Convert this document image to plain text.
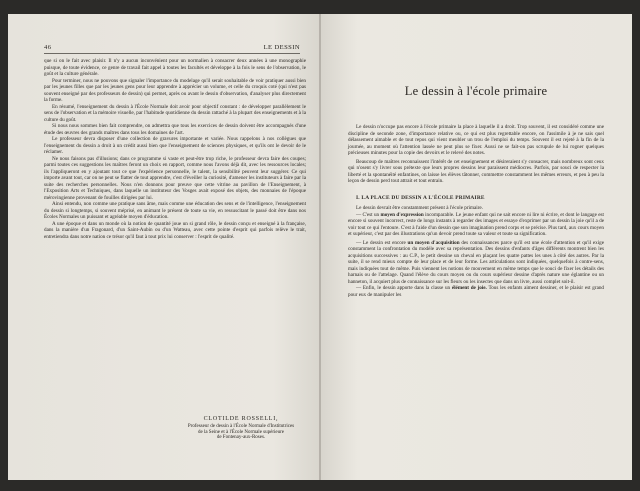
46	LE DESSIN

que si on le fait avec plaisir. Il n'y a aucun inconvénient pour un normalien à consacrer deux années à une monographie puisque, de toute évidence, ce genre de travail fait appel à toutes les facultés et développe à la fois le sens de l'observation, le goût et la culture générale.

Pour terminer, nous ne pouvons que signaler l'importance du modelage qu'il serait souhaitable de voir pratiquer aussi bien par les jeunes filles que par les jeunes gens pour leur apprendre à apprécier un volume, et celle du croquis coté (qui n'est pas souvent enseigné par des professeurs de dessin) qui permet, après ou avant le dessin d'observation, d'analyser plus directement la forme.

En résumé, l'enseignement du dessin à l'École Normale doit avoir pour objectif constant : de développer parallèlement le sens de l'observation et la mémoire visuelle, par l'habitude quotidienne du dessin rattaché à la plupart des enseignements et à la culture du goût.

Si nous nous sommes bien fait comprendre, on admettra que tous les exercices de dessin doivent être accompagnés d'une étude des œuvres des grands maîtres dans tous les domaines de l'art.

Le professeur devra disposer d'une collection de gravures importante et variée. Nous rappelons à nos collègues que l'enseignement du dessin a droit à un crédit aussi bien que l'enseignement de sciences physiques, et qu'ils ont le devoir de le réclamer.

Ne nous faisons pas d'illusions; dans ce programme si vaste et peut-être trop riche, le professeur devra faire des coupes; parmi toutes ces suggestions les maîtres feront un choix en rapport, comme nous l'avons déjà dit, avec les ressources locales; ils l'appliqueront en y ajoutant tout ce que l'expérience personnelle, le talent, la sensibilité peuvent leur suggérer. Ce qui importe avant tout, car on ne peut se flatter de tout apprendre, c'est d'éveiller la curiosité, d'amener les instituteurs à faire par la suite des recherches personnelles. Nous n'en donnons pour preuve que cette vitrine au pavillon de l'Enseignement, à l'Exposition Arts et Techniques, dans laquelle un instituteur des Vosges avait exposé des objets, des monnaies de l'époque mérovingienne provenant de fouilles dirigées par lui.

Ainsi entendu, non comme une pratique sans âme, mais comme une éducation des sens et de l'intelligence, l'enseignement du dessin si longtemps, si souvent méprisé, en animant le présent de toute sa vie, en ressuscitant le passé doit être dans nos Écoles Normales un puissant et agréable moyen d'éducation.

A une époque et dans un monde où la notion de quantité joue un si grand rôle, le dessin conçu et enseigné à la française, dans la manière d'un Fragonard, d'un Saint-Aubin ou d'un Watteau, avec cette pointe d'esprit qui parfois relève le trait, entretiendra dans notre nation ce trésor qu'il faut à tout prix lui conserver : l'esprit de qualité.

CLOTILDE ROSSELLI,
Professeur de dessin à l'École Normale d'Institutrices
de la Seine et à l'École Normale supérieure
de Fontenay-aux-Roses.
Le dessin à l'école primaire

Le dessin n'occupe pas encore à l'école primaire la place à laquelle il a droit. Trop souvent, il est considéré comme une discipline de seconde zone, d'importance relative ou, ce qui est plus regrettable encore, on l'assimile à je ne sais quel délassement aimable et de tout repos qui vient meubler un trou de l'emploi du temps. Souvent il est rejeté à la fin de la journée, au moment où l'attention lassée ne peut plus se fixer. Aussi ne se fait-on pas scrupule de lui rogner quelques précieuses minutes pour la copie des devoirs et le relevé des notes.

Beaucoup de maîtres reconnaissent l'intérêt de cet enseignement et désireraient s'y consacrer, mais nombreux sont ceux qui n'osent s'y livrer sous prétexte que leurs propres dessins leur paraissent médiocres. Parfois, par souci de respecter la liberté et la spontanéité enfantines, on laisse les élèves tâtonner, commettre constamment les mêmes erreurs, et peu à peu la leçon de dessin perd tout attrait et tout entrain.

I. LA PLACE DU DESSIN A L'ÉCOLE PRIMAIRE

Le dessin devrait être constamment présent à l'école primaire.

— C'est un moyen d'expression incomparable. Le jeune enfant qui ne sait encore ni lire ni écrire, et dont le langage est encore si souvent incorrect, reste de longs instants à regarder des images et essaye d'exprimer par un dessin la joie qu'il a de voir tout ce qui l'entoure. C'est à l'aide d'un dessin que son imagination prend corps et se précise. Plus tard, aux cours moyen et supérieur, c'est par des illustrations qu'un devoir prend toute sa valeur et toute sa signification.

— Le dessin est encore un moyen d'acquisition des connaissances parce qu'il est une école d'attention et qu'il exige constamment la confrontation du modèle avec sa représentation. Des dessins d'enfants d'âges différents montrent bien les acquisitions successives : au C.P., le petit dessine un cheval en plaçant les quatre pattes les unes à côté des autres. Par la suite, il se rend mieux compte de leur place et de leur forme. Les articulations sont indiquées, quelquefois à contre-sens, mais indiquées tout de même. Puis viennent les notions de mouvement en même temps que le souci de fixer les détails des harnais ou de l'attelage. Quand l'élève du cours moyen ou du cours supérieur dessine d'après nature une églantine ou un hanneton, il acquiert plus de connaissance sur les fleurs ou les insectes que dans un livre, aussi complet soit-il.

— Enfin, le dessin apporte dans la classe un élément de joie. Tous les enfants aiment dessiner, et le plaisir est grand pour eux de manipuler les
